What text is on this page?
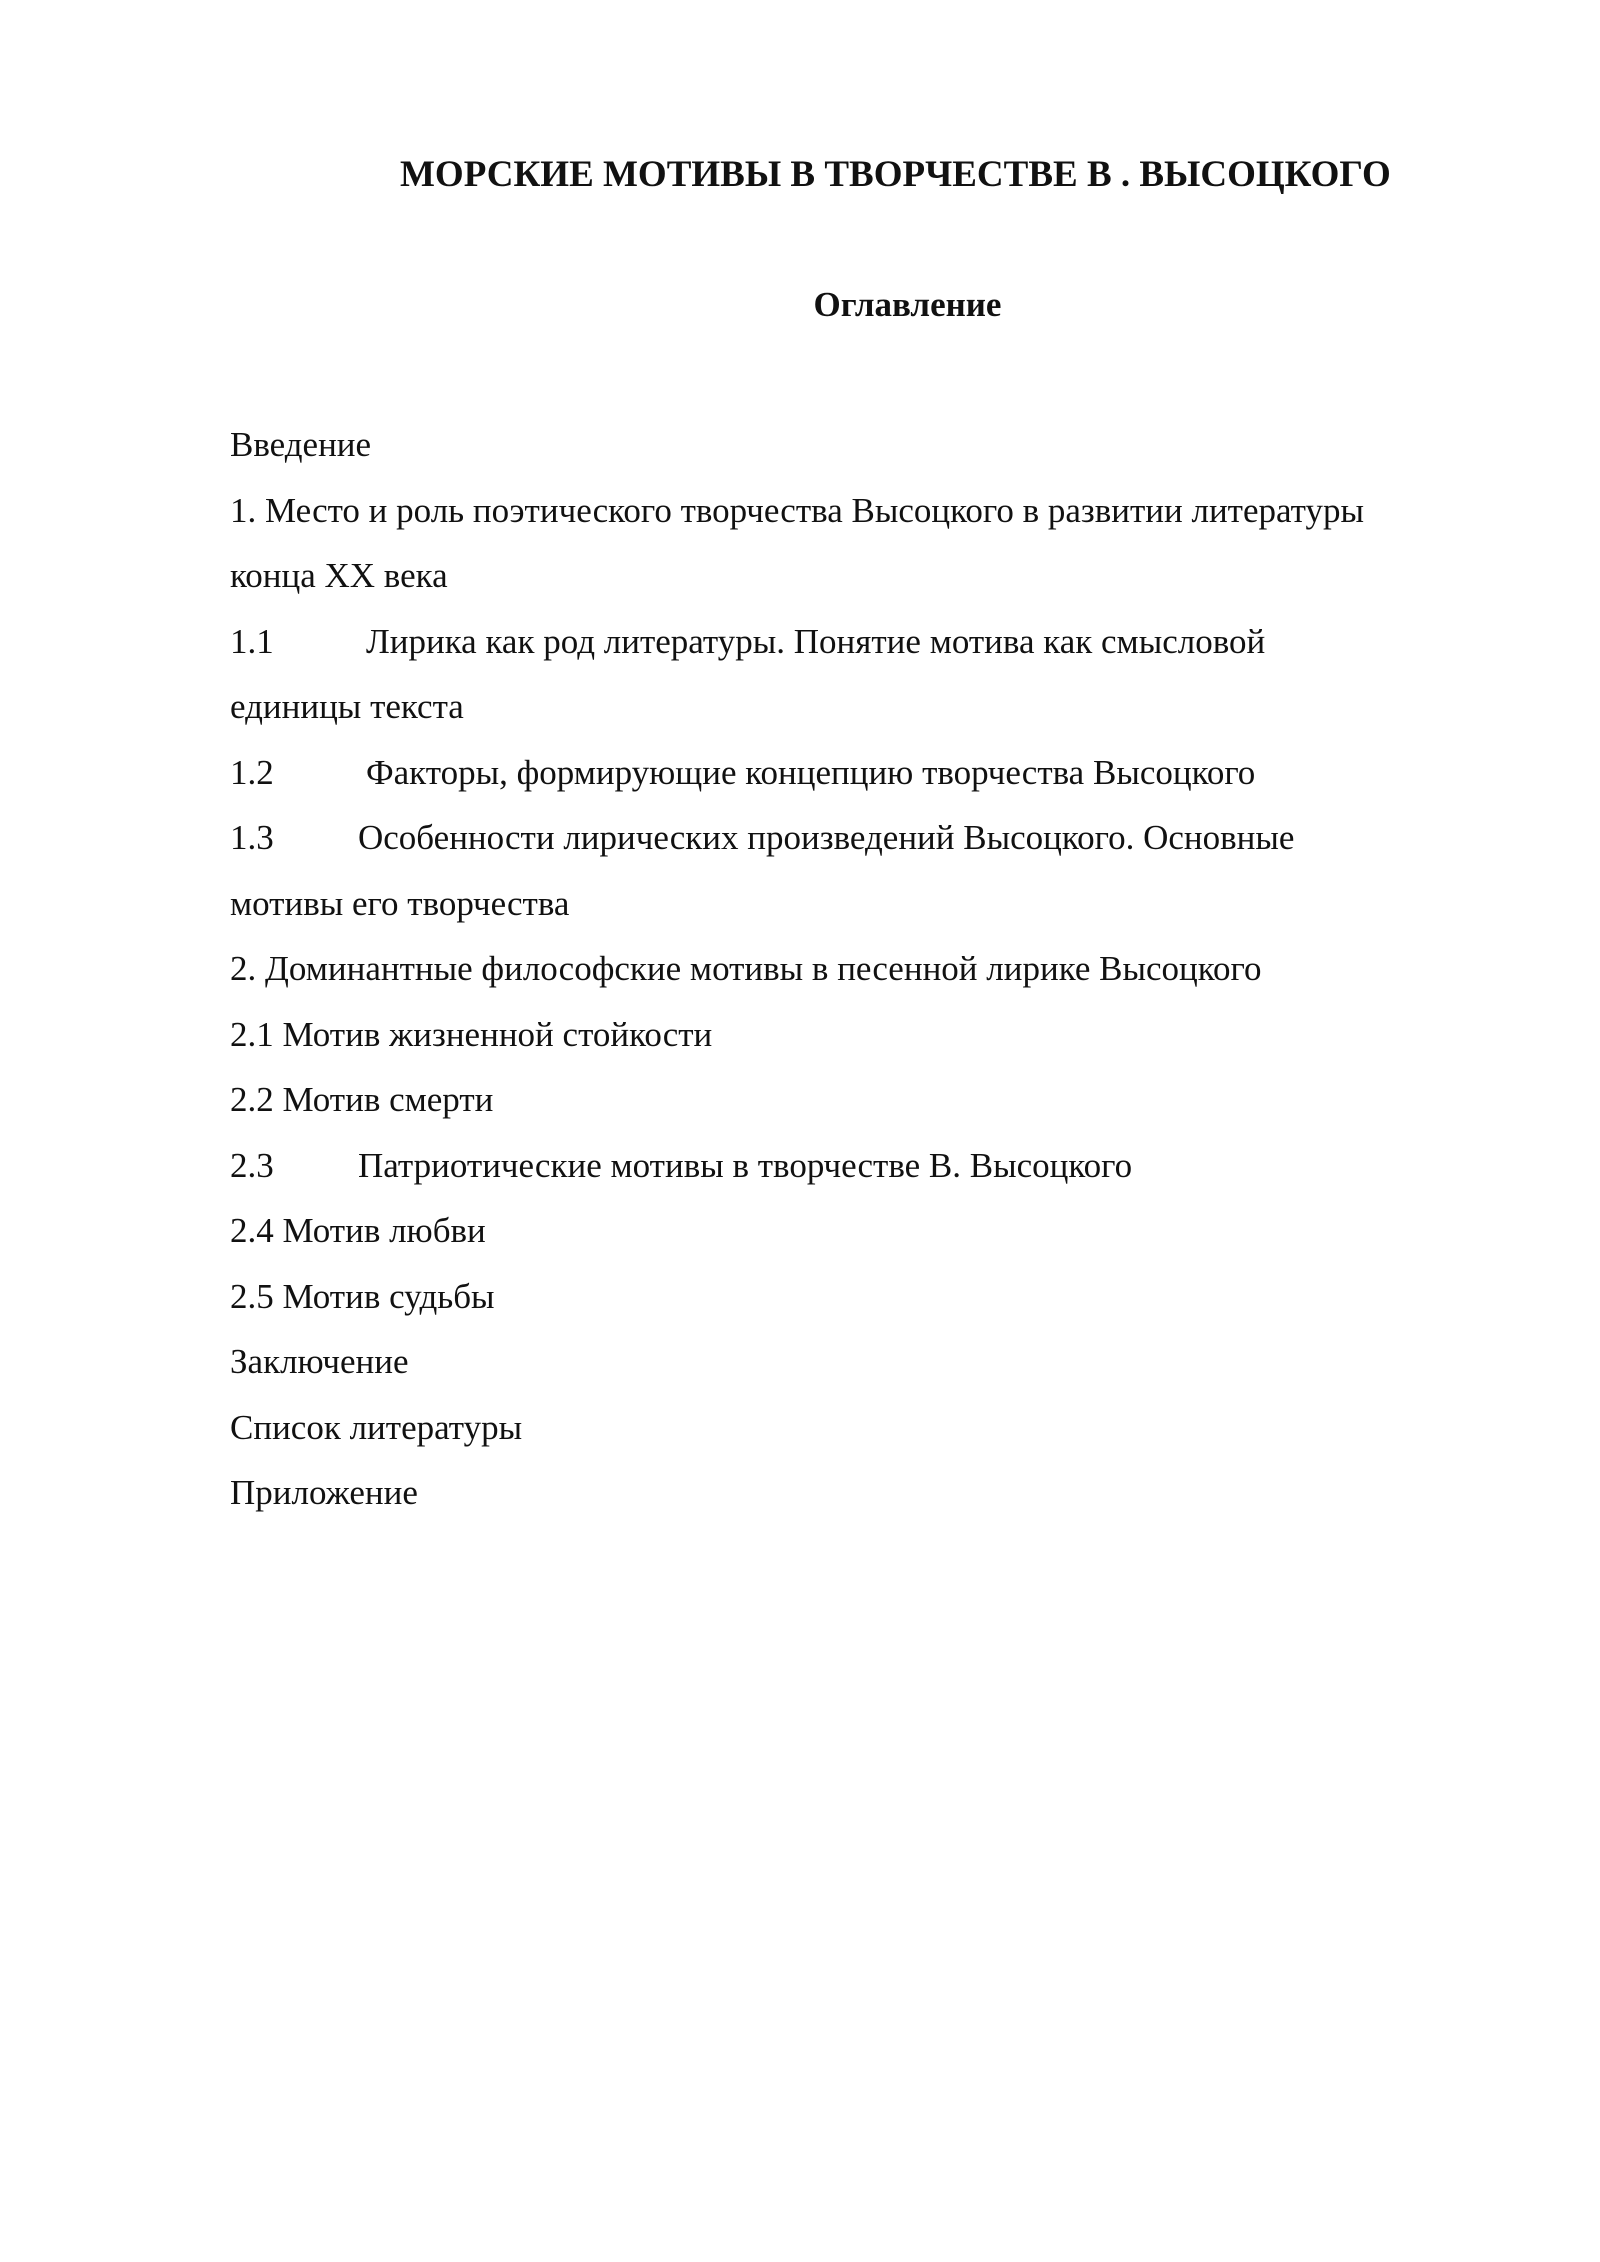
МОРСКИЕ МОТИВЫ В ТВОРЧЕСТВЕ В . ВЫСОЦКОГО
Оглавление
Введение
1. Место и роль поэтического творчества Высоцкого в развитии литературы
конца XX века
1.1	Лирика как род литературы. Понятие мотива как смысловой
единицы текста
1.2	Факторы, формирующие концепцию творчества Высоцкого
1.3 Особенности лирических произведений Высоцкого. Основные
мотивы его творчества
2. Доминантные философские мотивы в песенной лирике Высоцкого
2.1 Мотив жизненной стойкости
2.2 Мотив смерти
2.3 Патриотические мотивы в творчестве В. Высоцкого
2.4 Мотив любви
2.5 Мотив судьбы
Заключение
Список литературы
Приложение
